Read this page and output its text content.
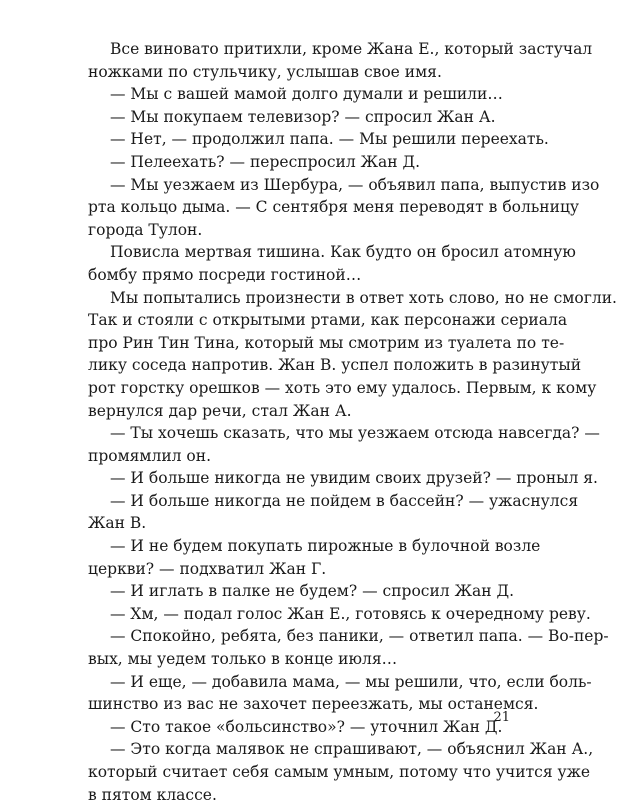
Все виновато притихли, кроме Жана Е., который застучал
ножками по стульчику, услышав свое имя.
— Мы с вашей мамой долго думали и решили…
— Мы покупаем телевизор? — спросил Жан А.
— Нет, — продолжил папа. — Мы решили переехать.
— Пелеехать? — переспросил Жан Д.
— Мы уезжаем из Шербура, — объявил папа, выпустив изо
рта кольцо дыма. — С сентября меня переводят в больницу
города Тулон.
Повисла мертвая тишина. Как будто он бросил атомную
бомбу прямо посреди гостиной…
Мы попытались произнести в ответ хоть слово, но не смогли.
Так и стояли с открытыми ртами, как персонажи сериала
про Рин Тин Тина, который мы смотрим из туалета по те-
лику соседа напротив. Жан В. успел положить в разинутый
рот горстку орешков — хоть это ему удалось. Первым, к кому
вернулся дар речи, стал Жан А.
— Ты хочешь сказать, что мы уезжаем отсюда навсегда? —
промямлил он.
— И больше никогда не увидим своих друзей? — проныл я.
— И больше никогда не пойдем в бассейн? — ужаснулся
Жан В.
— И не будем покупать пирожные в булочной возле
церкви? — подхватил Жан Г.
— И иглать в палке не будем? — спросил Жан Д.
— Хм, — подал голос Жан Е., готовясь к очередному реву.
— Спокойно, ребята, без паники, — ответил папа. — Во-пер-
вых, мы уедем только в конце июля…
— И еще, — добавила мама, — мы решили, что, если боль-
шинство из вас не захочет переезжать, мы останемся.
— Сто такое «больсинство»? — уточнил Жан Д.
— Это когда малявок не спрашивают, — объяснил Жан А.,
который считает себя самым умным, потому что учится уже
в пятом классе.
21
